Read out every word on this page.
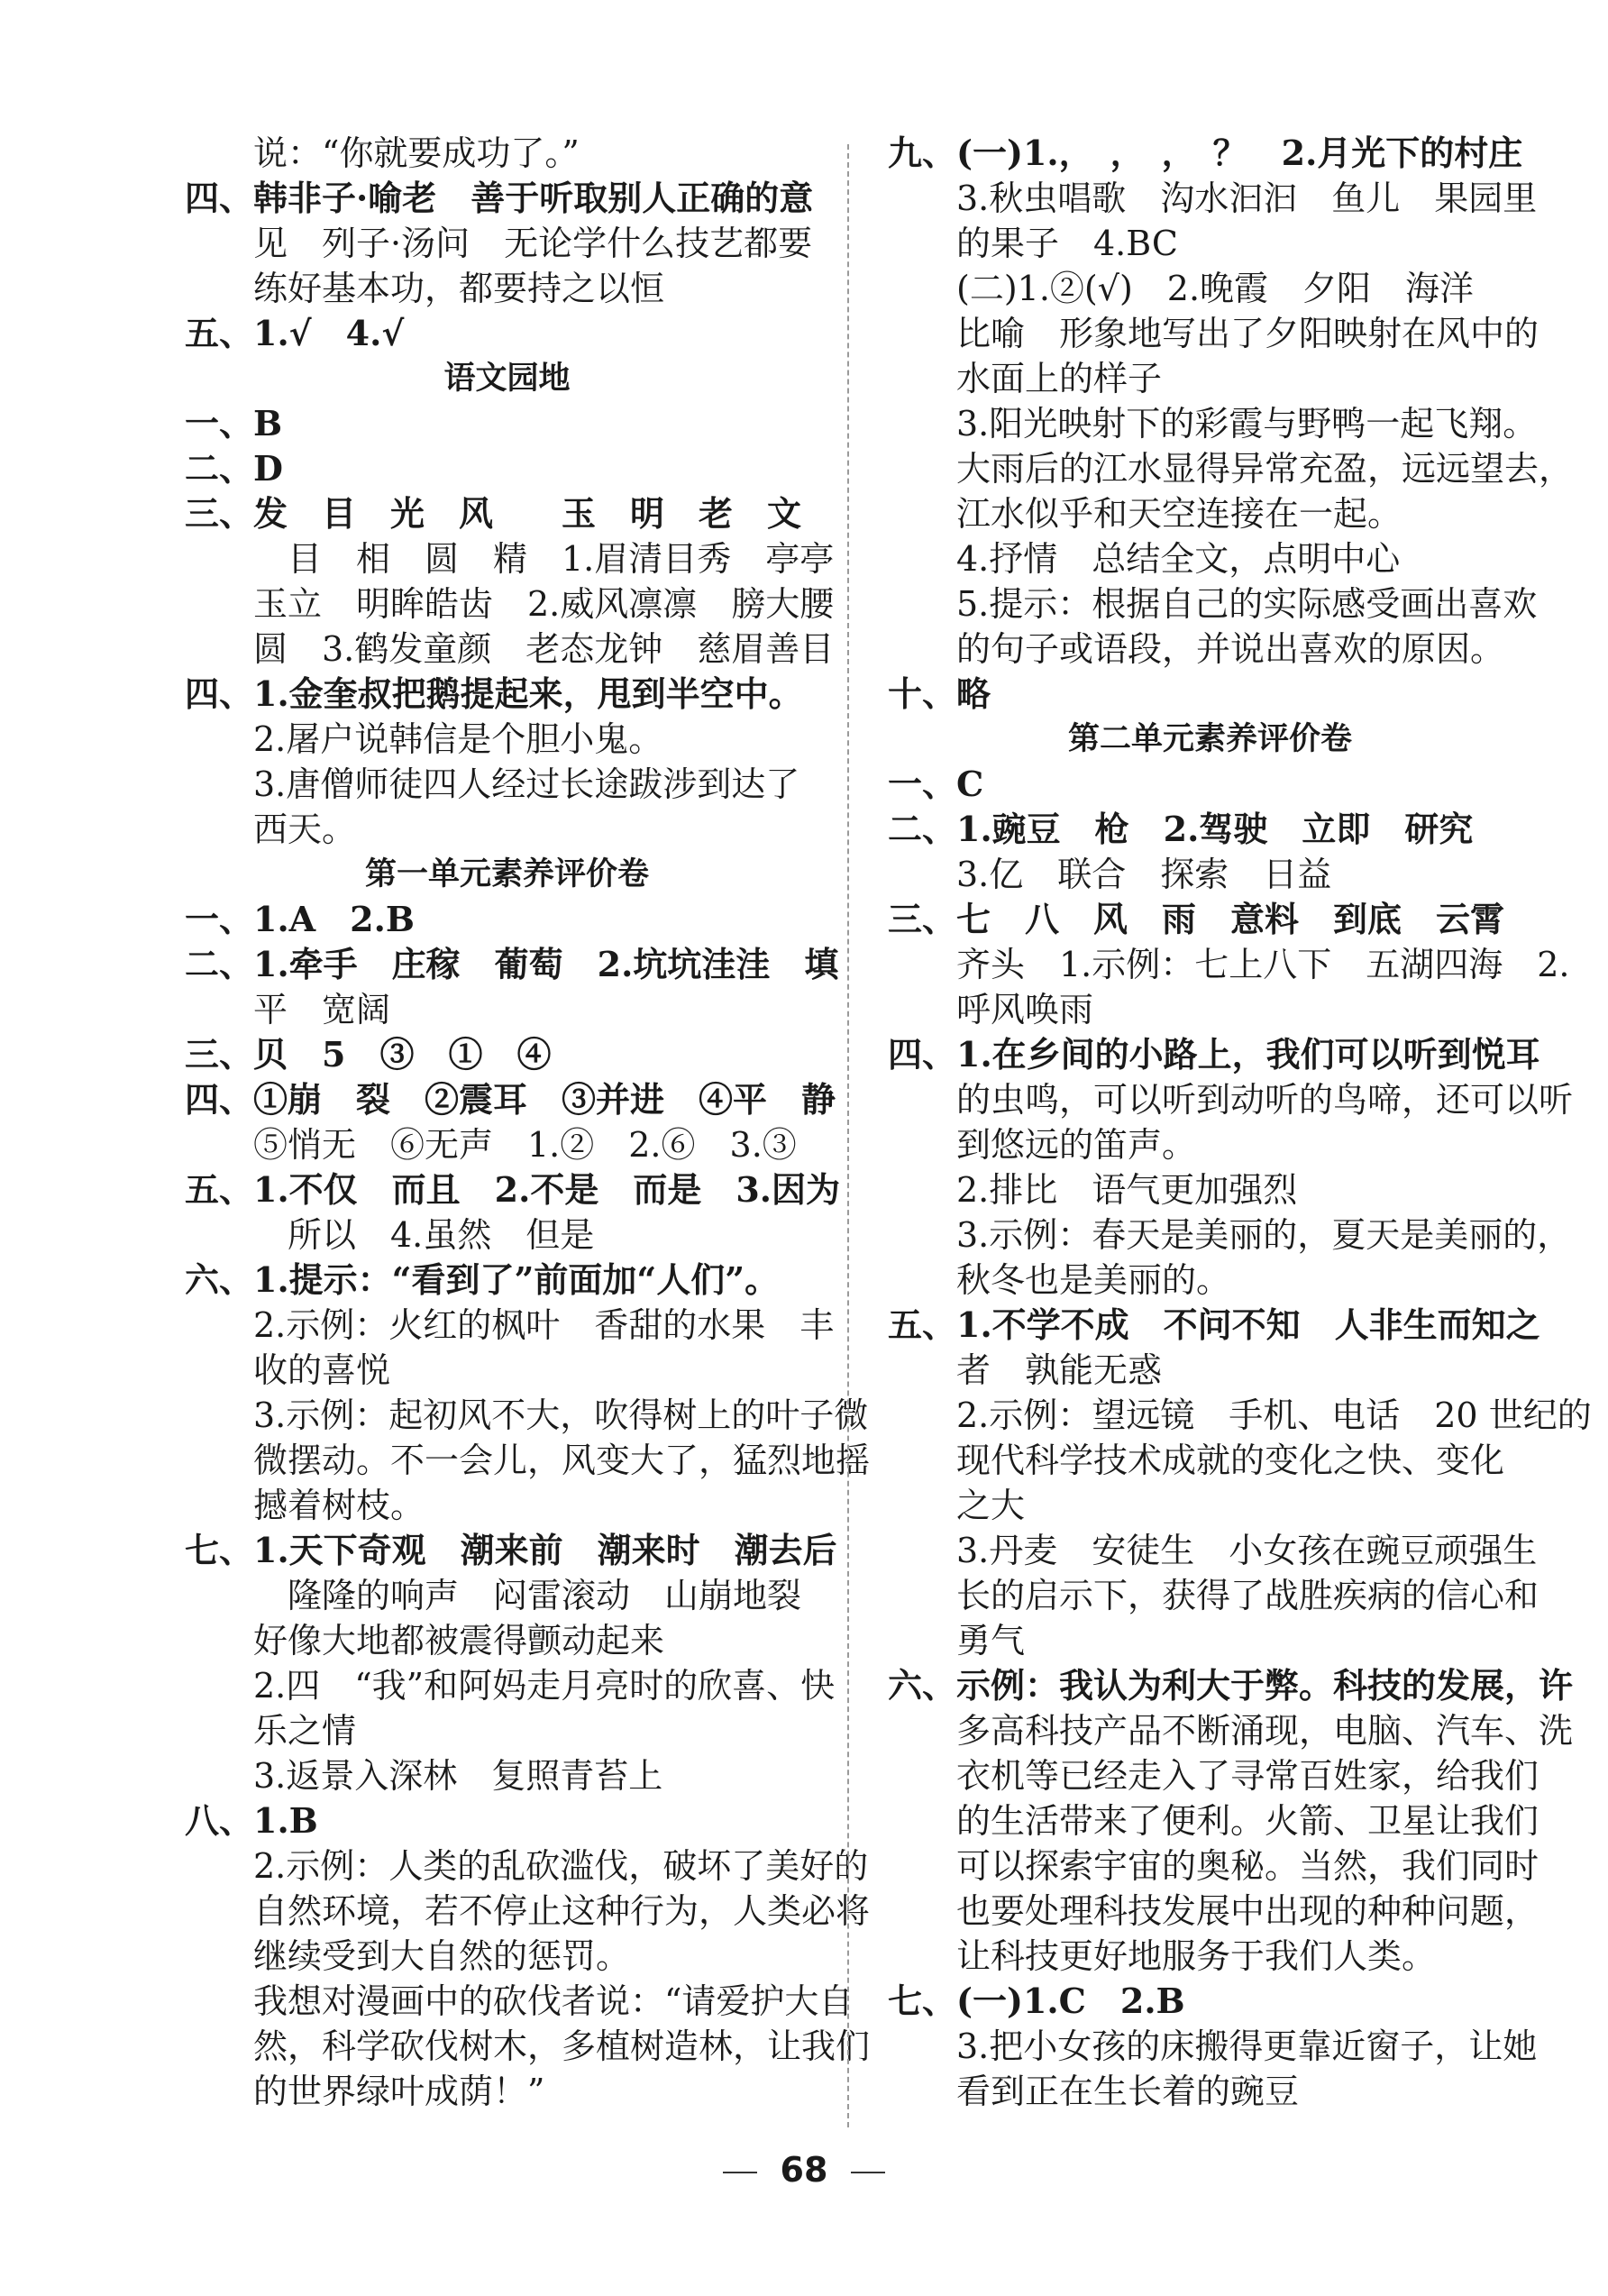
说：“你就要成功了。”
四、韩非子·喻老　善于听取别人正确的意
见　列子·汤问　无论学什么技艺都要
练好基本功，都要持之以恒
五、1.√　4.√
语文园地
一、B
二、D
三、发　目　光　风　　玉　明　老　文
　目　相　圆　精　1.眉清目秀　亭亭
玉立　明眸皓齿　2.威风凛凛　膀大腰
圆　3.鹤发童颜　老态龙钟　慈眉善目
四、1.金奎叔把鹅提起来，甩到半空中。
2.屠户说韩信是个胆小鬼。
3.唐僧师徒四人经过长途跋涉到达了
西天。
第一单元素养评价卷
一、1.A　2.B
二、1.牵手　庄稼　葡萄　2.坑坑洼洼　填
平　宽阔
三、贝　5　③　①　④
四、①崩　裂　②震耳　③并进　④平　静
⑤悄无　⑥无声　1.②　2.⑥　3.③
五、1.不仅　而且　2.不是　而是　3.因为
　所以　4.虽然　但是
六、1.提示：“看到了”前面加“人们”。
2.示例：火红的枫叶　香甜的水果　丰
收的喜悦
3.示例：起初风不大，吹得树上的叶子微
微摆动。不一会儿，风变大了，猛烈地摇
撼着树枝。
七、1.天下奇观　潮来前　潮来时　潮去后
　隆隆的响声　闷雷滚动　山崩地裂
好像大地都被震得颤动起来
2.四　“我”和阿妈走月亮时的欣喜、快
乐之情
3.返景入深林　复照青苔上
八、1.B
2.示例：人类的乱砍滥伐，破坏了美好的
自然环境，若不停止这种行为，人类必将
继续受到大自然的惩罚。
我想对漫画中的砍伐者说：“请爱护大自
然，科学砍伐树木，多植树造林，让我们
的世界绿叶成荫！”
九、(一)1.，　，　，　？　2.月光下的村庄
3.秋虫唱歌　沟水汩汩　鱼儿　果园里
的果子　4.BC
(二)1.②(√)　2.晚霞　夕阳　海洋
比喻　形象地写出了夕阳映射在风中的
水面上的样子
3.阳光映射下的彩霞与野鸭一起飞翔。
大雨后的江水显得异常充盈，远远望去，
江水似乎和天空连接在一起。
4.抒情　总结全文，点明中心
5.提示：根据自己的实际感受画出喜欢
的句子或语段，并说出喜欢的原因。
十、略
第二单元素养评价卷
一、C
二、1.豌豆　枪　2.驾驶　立即　研究
3.亿　联合　探索　日益
三、七　八　风　雨　意料　到底　云霄
齐头　1.示例：七上八下　五湖四海　2.
呼风唤雨
四、1.在乡间的小路上，我们可以听到悦耳
的虫鸣，可以听到动听的鸟啼，还可以听
到悠远的笛声。
2.排比　语气更加强烈
3.示例：春天是美丽的，夏天是美丽的，
秋冬也是美丽的。
五、1.不学不成　不问不知　人非生而知之
者　孰能无惑
2.示例：望远镜　手机、电话　20 世纪的
现代科学技术成就的变化之快、变化
之大
3.丹麦　安徒生　小女孩在豌豆顽强生
长的启示下，获得了战胜疾病的信心和
勇气
六、示例：我认为利大于弊。科技的发展，许
多高科技产品不断涌现，电脑、汽车、洗
衣机等已经走入了寻常百姓家，给我们
的生活带来了便利。火箭、卫星让我们
可以探索宇宙的奥秘。当然，我们同时
也要处理科技发展中出现的种种问题，
让科技更好地服务于我们人类。
七、(一)1.C　2.B
3.把小女孩的床搬得更靠近窗子，让她
看到正在生长着的豌豆
68
